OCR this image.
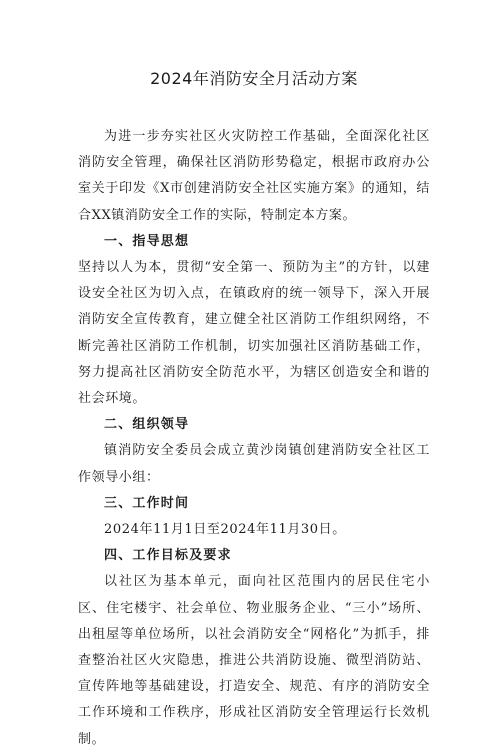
2024年消防安全月活动方案

为进一步夯实社区火灾防控工作基础，全面深化社区消防安全管理，确保社区消防形势稳定，根据市政府办公室关于印发《X市创建消防安全社区实施方案》的通知，结合XX镇消防安全工作的实际，特制定本方案。

一、指导思想

坚持以人为本，贯彻“安全第一、预防为主”的方针，以建设安全社区为切入点，在镇政府的统一领导下，深入开展消防安全宣传教育，建立健全社区消防工作组织网络，不断完善社区消防工作机制，切实加强社区消防基础工作，努力提高社区消防安全防范水平，为辖区创造安全和谐的社会环境。

二、组织领导

镇消防安全委员会成立黄沙岗镇创建消防安全社区工作领导小组：

三、工作时间

2024年11月1日至2024年11月30日。

四、工作目标及要求

以社区为基本单元，面向社区范围内的居民住宅小区、住宅楼宇、社会单位、物业服务企业、“三小”场所、出租屋等单位场所，以社会消防安全“网格化”为抓手，排查整治社区火灾隐患，推进公共消防设施、微型消防站、宣传阵地等基础建设，打造安全、规范、有序的消防安全工作环境和工作秩序，形成社区消防安全管理运行长效机制。
